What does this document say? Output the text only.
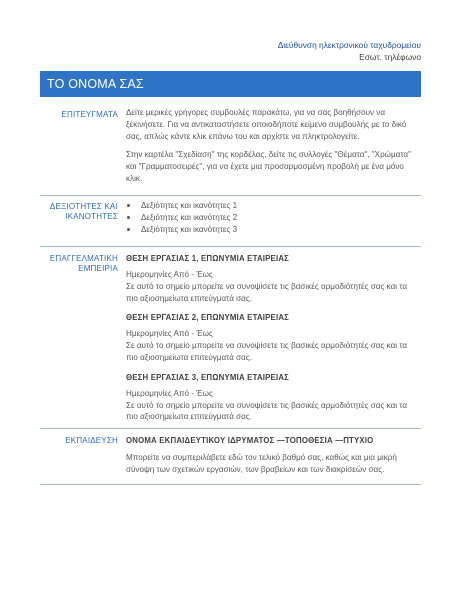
Διεύθυνση ηλεκτρονικού ταχυδρομείου
Εσωτ. τηλέφωνο
ΤΟ ΟΝΟΜΑ ΣΑΣ
ΕΠΙΤΕΥΓΜΑΤΑ Δείτε μερικές γρήγορες συμβουλές παρακάτω, για να σας βοηθήσουν να ξεκινήσετε. Για να αντικαταστήσετε οποιοδήποτε κείμενο συμβουλής με το δικό σας, απλώς κάντε κλικ επάνω του και αρχίστε να πληκτρολογείτε.

Στην καρτέλα "Σχεδίαση" της κορδέλας, δείτε τις συλλογές "Θέματα", "Χρώματα" και "Γραμματοσειρές", για να έχετε μια προσαρμοσμένη προβολή με ένα μόνο κλικ.

ΔΕΞΙΟΤΗΤΕΣ ΚΑΙ
ΙΚΑΝΟΤΗΤΕΣ
Δεξιότητες και ικανότητες 1
Δεξιότητες και ικανότητες 2
Δεξιότητες και ικανότητες 3
ΕΠΑΓΓΕΛΜΑΤΙΚΗ
ΕΜΠΕΙΡΙΑ
ΘΕΣΗ ΕΡΓΑΣΙΑΣ 1, ΕΠΩΝΥΜΙΑ ΕΤΑΙΡΕΙΑΣ
Ημερομηνίες Από - Έως
Σε αυτό το σημείο μπορείτε να συνοψίσετε τις βασικές αρμοδιότητές σας και τα πιο αξιοσημείωτα επιτεύγματά σας.
ΘΕΣΗ ΕΡΓΑΣΙΑΣ 2, ΕΠΩΝΥΜΙΑ ΕΤΑΙΡΕΙΑΣ
Ημερομηνίες Από - Έως
Σε αυτό το σημείο μπορείτε να συνοψίσετε τις βασικές αρμοδιότητές σας και τα πιο αξιοσημείωτα επιτεύγματά σας.
ΘΕΣΗ ΕΡΓΑΣΙΑΣ 3, ΕΠΩΝΥΜΙΑ ΕΤΑΙΡΕΙΑΣ
Ημερομηνίες Από - Έως
Σε αυτό το σημείο μπορείτε να συνοψίσετε τις βασικές αρμοδιότητές σας και τα πιο αξιοσημείωτα επιτεύγματά σας.
ΕΚΠΑΙΔΕΥΣΗ ΟΝΟΜΑ ΕΚΠΑΙΔΕΥΤΙΚΟΥ ΙΔΡΥΜΑΤΟΣ —ΤΟΠΟΘΕΣΙΑ —ΠΤΥΧΙΟ
Μπορείτε να συμπεριλάβετε εδώ τον τελικό βαθμό σας, καθώς και μια μικρή σύνοψη των σχετικών εργασιών, των βραβείων και των διακρίσεών σας.
